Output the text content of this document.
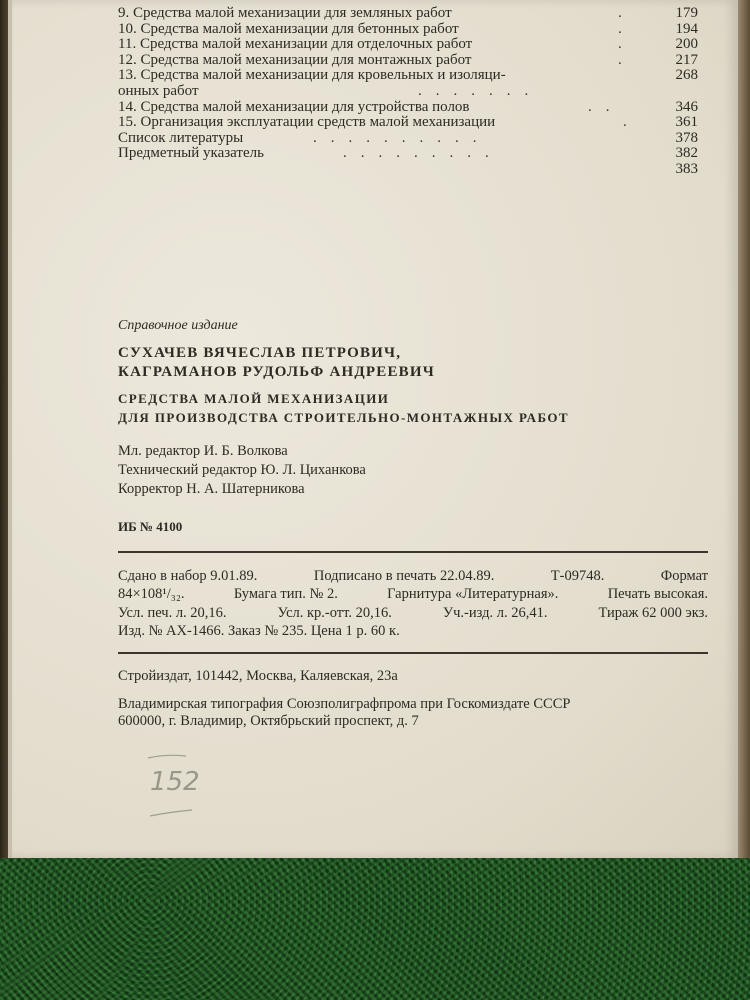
9. Средства малой механизации для земляных работ	.	179
10. Средства малой механизации для бетонных работ	.	194
11. Средства малой механизации для отделочных работ	.	200
12. Средства малой механизации для монтажных работ	.	217
13. Средства малой механизации для кровельных и изоляци-	268
онных работ	.......
14. Средства малой механизации для устройства полов	..	346
15. Организация эксплуатации средств малой механизации	. 361
Список литературы	..........	378
Предметный указатель	.........	382
383
Справочное издание
СУХАЧЕВ ВЯЧЕСЛАВ ПЕТРОВИЧ,
КАГРАМАНОВ РУДОЛЬФ АНДРЕЕВИЧ
СРЕДСТВА МАЛОЙ МЕХАНИЗАЦИИ
ДЛЯ ПРОИЗВОДСТВА СТРОИТЕЛЬНО-МОНТАЖНЫХ РАБОТ
Мл. редактор И. Б. Волкова
Технический редактор Ю. Л. Циханкова
Корректор Н. А. Шатерникова
ИБ № 4100
Сдано в набор 9.01.89.	Подписано в печать 22.04.89.	Т-09748.	Формат
84×108¹/₃₂.	Бумага тип. № 2.	Гарнитура «Литературная».	Печать высокая.
Усл. печ. л. 20,16.	Усл. кр.-отт. 20,16.	Уч.-изд. л. 26,41.	Тираж 62 000 экз.
Изд. № АХ-1466. Заказ № 235. Цена 1 р. 60 к.
Стройиздат, 101442, Москва, Каляевская, 23а
Владимирская типография Союзполиграфпрома при Госкомиздате СССР
600000, г. Владимир, Октябрьский проспект, д. 7
152
